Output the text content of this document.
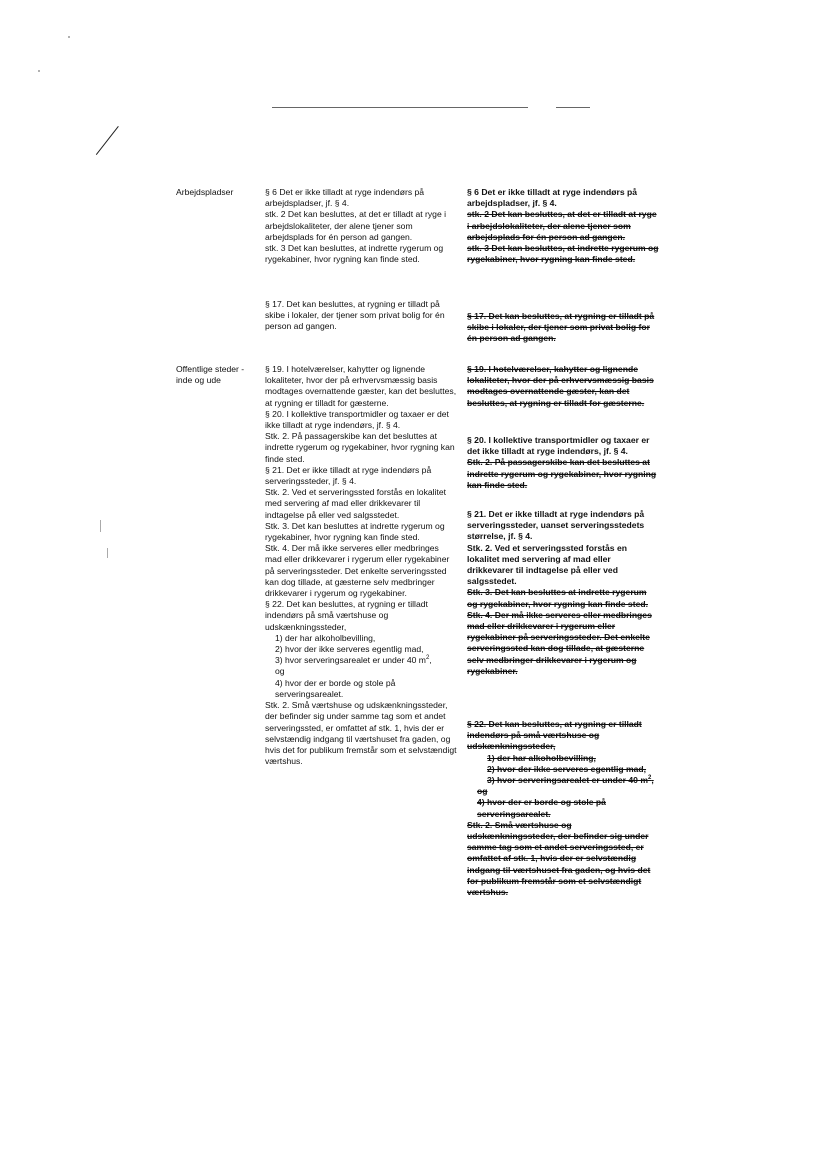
Arbejdspladser

Offentlige steder - inde og ude

§ 6 Det er ikke tilladt at ryge indendørs på arbejdspladser, jf. § 4.

stk. 2 Det kan besluttes, at det er tilladt at ryge i arbejdslokaliteter, der alene tjener som arbejdsplads for én person ad gangen.

stk. 3 Det kan besluttes, at indrette rygerum og rygekabiner, hvor rygning kan finde sted.

§ 17. Det kan besluttes, at rygning er tilladt på skibe i lokaler, der tjener som privat bolig for én person ad gangen.

§ 19. I hotelværelser, kahytter og lignende lokaliteter, hvor der på erhvervsmæssig basis modtages overnattende gæster, kan det besluttes, at rygning er tilladt for gæsterne.

§ 20. I kollektive transportmidler og taxaer er det ikke tilladt at ryge indendørs, jf. § 4.

Stk. 2. På passagerskibe kan det besluttes at indrette rygerum og rygekabiner, hvor rygning kan finde sted.

§ 21. Det er ikke tilladt at ryge indendørs på serveringssteder, jf. § 4.

Stk. 2. Ved et serveringssted forstås en lokalitet med servering af mad eller drikkevarer til indtagelse på eller ved salgsstedet.

Stk. 3. Det kan besluttes at indrette rygerum og rygekabiner, hvor rygning kan finde sted.

Stk. 4. Der må ikke serveres eller medbringes mad eller drikkevarer i rygerum eller rygekabiner på serveringssteder. Det enkelte serveringssted kan dog tillade, at gæsterne selv medbringer drikkevarer i rygerum og rygekabiner.

§ 22. Det kan besluttes, at rygning er tilladt indendørs på små værtshuse og udskænkningssteder,

1) der har alkoholbevilling,

2) hvor der ikke serveres egentlig mad,

3) hvor serveringsarealet er under 40 $m^2$,

og

4) hvor der er borde og stole på serveringsarealet.

Stk. 2. Små værtshuse og udskænkningssteder, der befinder sig under samme tag som et andet serveringssted, er omfattet af stk. 1, hvis der er selvstændig indgang til værtshuset fra gaden, og hvis det for publikum fremstår som et selvstændigt værtshus.

§ 6 Det er ikke tilladt at ryge indendørs på arbejdspladser, jf. § 4.

stk. 2 Det kan besluttes, at det er tilladt at ryge i arbejdslokaliteter, der alene tjener som arbejdsplads for én person ad gangen.

stk. 3 Det kan besluttes, at indrette rygerum og rygekabiner, hvor rygning kan finde sted.

§ 17. Det kan besluttes, at rygning er tilladt på skibe i lokaler, der tjener som privat bolig for én person ad gangen.

§ 19. I hotelværelser, kahytter og lignende lokaliteter, hvor der på erhvervsmæssig basis modtages overnattende gæster, kan det besluttes, at rygning er tilladt for gæsterne.

§ 20. I kollektive transportmidler og taxaer er det ikke tilladt at ryge indendørs, jf. § 4.

Stk. 2. På passagerskibe kan det besluttes at indrette rygerum og rygekabiner, hvor rygning kan finde sted.

§ 21. Det er ikke tilladt at ryge indendørs på serveringssteder, uanset serveringsstedets størrelse, jf. § 4.

Stk. 2. Ved et serveringssted forstås en lokalitet med servering af mad eller drikkevarer til indtagelse på eller ved salgsstedet.

Stk. 3. Det kan besluttes at indrette rygerum og rygekabiner, hvor rygning kan finde sted.

Stk. 4. Der må ikke serveres eller medbringes mad eller drikkevarer i rygerum eller rygekabiner på serveringssteder. Det enkelte serveringssted kan dog tillade, at gæsterne selv medbringer drikkevarer i rygerum og rygekabiner.

§ 22. Det kan besluttes, at rygning er tilladt indendørs på små værtshuse og udskænkningssteder,

1) der har alkoholbevilling,

2) hvor der ikke serveres egentlig mad,

3) hvor serveringsarealet er under 40 $m^2$,

og

4) hvor der er borde og stole på serveringsarealet.

Stk. 2. Små værtshuse og udskænkningssteder, der befinder sig under samme tag som et andet serveringssted, er omfattet af stk. 1, hvis der er selvstændig indgang til værtshuset fra gaden, og hvis det for publikum fremstår som et selvstændigt værtshus.
